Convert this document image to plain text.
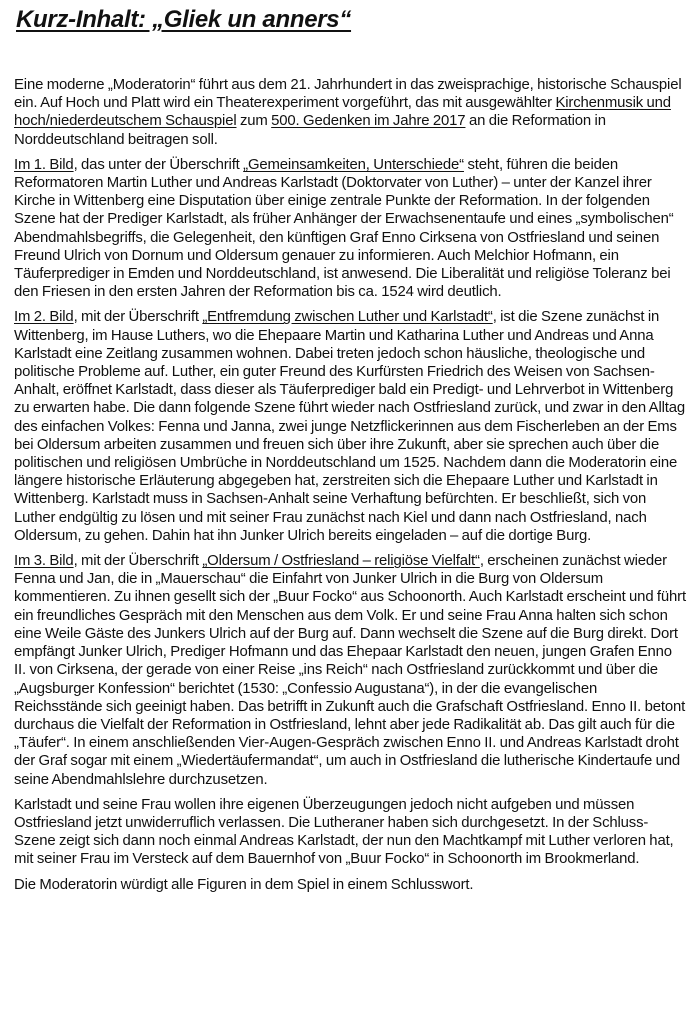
Kurz-Inhalt: „Gliek un anners“

Eine moderne „Moderatorin“ führt aus dem 21. Jahrhundert in das zweisprachige, historische Schauspiel ein. Auf Hoch und Platt wird ein Theaterexperiment vorgeführt, das mit ausgewählter Kirchenmusik und hoch/niederdeutschem Schauspiel zum 500. Gedenken im Jahre 2017 an die Reformation in Norddeutschland beitragen soll.

Im 1. Bild, das unter der Überschrift „Gemeinsamkeiten, Unterschiede“ steht, führen die beiden Reformatoren Martin Luther und Andreas Karlstadt (Doktorvater von Luther) – unter der Kanzel ihrer Kirche in Wittenberg eine Disputation über einige zentrale Punkte der Reformation. In der folgenden Szene hat der Prediger Karlstadt, als früher Anhänger der Erwachsenentaufe und eines „symbolischen“ Abendmahlsbegriffs, die Gelegenheit, den künftigen Graf Enno Cirksena von Ostfriesland und seinen Freund Ulrich von Dornum und Oldersum genauer zu informieren. Auch Melchior Hofmann, ein Täuferprediger in Emden und Norddeutschland, ist anwesend. Die Liberalität und religiöse Toleranz bei den Friesen in den ersten Jahren der Reformation bis ca. 1524 wird deutlich.

Im 2. Bild, mit der Überschrift „Entfremdung zwischen Luther und Karlstadt“, ist die Szene zunächst in Wittenberg, im Hause Luthers, wo die Ehepaare Martin und Katharina Luther und Andreas und Anna Karlstadt eine Zeitlang zusammen wohnen. Dabei treten jedoch schon häusliche, theologische und politische Probleme auf. Luther, ein guter Freund des Kurfürsten Friedrich des Weisen von Sachsen-Anhalt, eröffnet Karlstadt, dass dieser als Täuferprediger bald ein Predigt- und Lehrverbot in Wittenberg zu erwarten habe. Die dann folgende Szene führt wieder nach Ostfriesland zurück, und zwar in den Alltag des einfachen Volkes: Fenna und Janna, zwei junge Netzflickerinnen aus dem Fischerleben an der Ems bei Oldersum arbeiten zusammen und freuen sich über ihre Zukunft, aber sie sprechen auch über die politischen und religiösen Umbrüche in Norddeutschland um 1525. Nachdem dann die Moderatorin eine längere historische Erläuterung abgegeben hat, zerstreiten sich die Ehepaare Luther und Karlstadt in Wittenberg. Karlstadt muss in Sachsen-Anhalt seine Verhaftung befürchten. Er beschließt, sich von Luther endgültig zu lösen und mit seiner Frau zunächst nach Kiel und dann nach Ostfriesland, nach Oldersum, zu gehen. Dahin hat ihn Junker Ulrich bereits eingeladen – auf die dortige Burg.

Im 3. Bild, mit der Überschrift „Oldersum / Ostfriesland – religiöse Vielfalt“, erscheinen zunächst wieder Fenna und Jan, die in „Mauerschau“ die Einfahrt von Junker Ulrich in die Burg von Oldersum kommentieren. Zu ihnen gesellt sich der „Buur Focko“ aus Schoonorth. Auch Karlstadt erscheint und führt ein freundliches Gespräch mit den Menschen aus dem Volk. Er und seine Frau Anna halten sich schon eine Weile Gäste des Junkers Ulrich auf der Burg auf. Dann wechselt die Szene auf die Burg direkt. Dort empfängt Junker Ulrich, Prediger Hofmann und das Ehepaar Karlstadt den neuen, jungen Grafen Enno II. von Cirksena, der gerade von einer Reise „ins Reich“ nach Ostfriesland zurückkommt und über die „Augsburger Konfession“ berichtet (1530: „Confessio Augustana“), in der die evangelischen Reichsstände sich geeinigt haben. Das betrifft in Zukunft auch die Grafschaft Ostfriesland. Enno II. betont durchaus die Vielfalt der Reformation in Ostfriesland, lehnt aber jede Radikalität ab. Das gilt auch für die „Täufer“. In einem anschließenden Vier-Augen-Gespräch zwischen Enno II. und Andreas Karlstadt droht der Graf sogar mit einem „Wiedertäufermandat“, um auch in Ostfriesland die lutherische Kindertaufe und seine Abendmahlslehre durchzusetzen.

Karlstadt und seine Frau wollen ihre eigenen Überzeugungen jedoch nicht aufgeben und müssen Ostfriesland jetzt unwiderruflich verlassen. Die Lutheraner haben sich durchgesetzt. In der Schluss-Szene zeigt sich dann noch einmal Andreas Karlstadt, der nun den Machtkampf mit Luther verloren hat, mit seiner Frau im Versteck auf dem Bauernhof von „Buur Focko“ in Schoonorth im Brookmerland.

Die Moderatorin würdigt alle Figuren in dem Spiel in einem Schlusswort.
